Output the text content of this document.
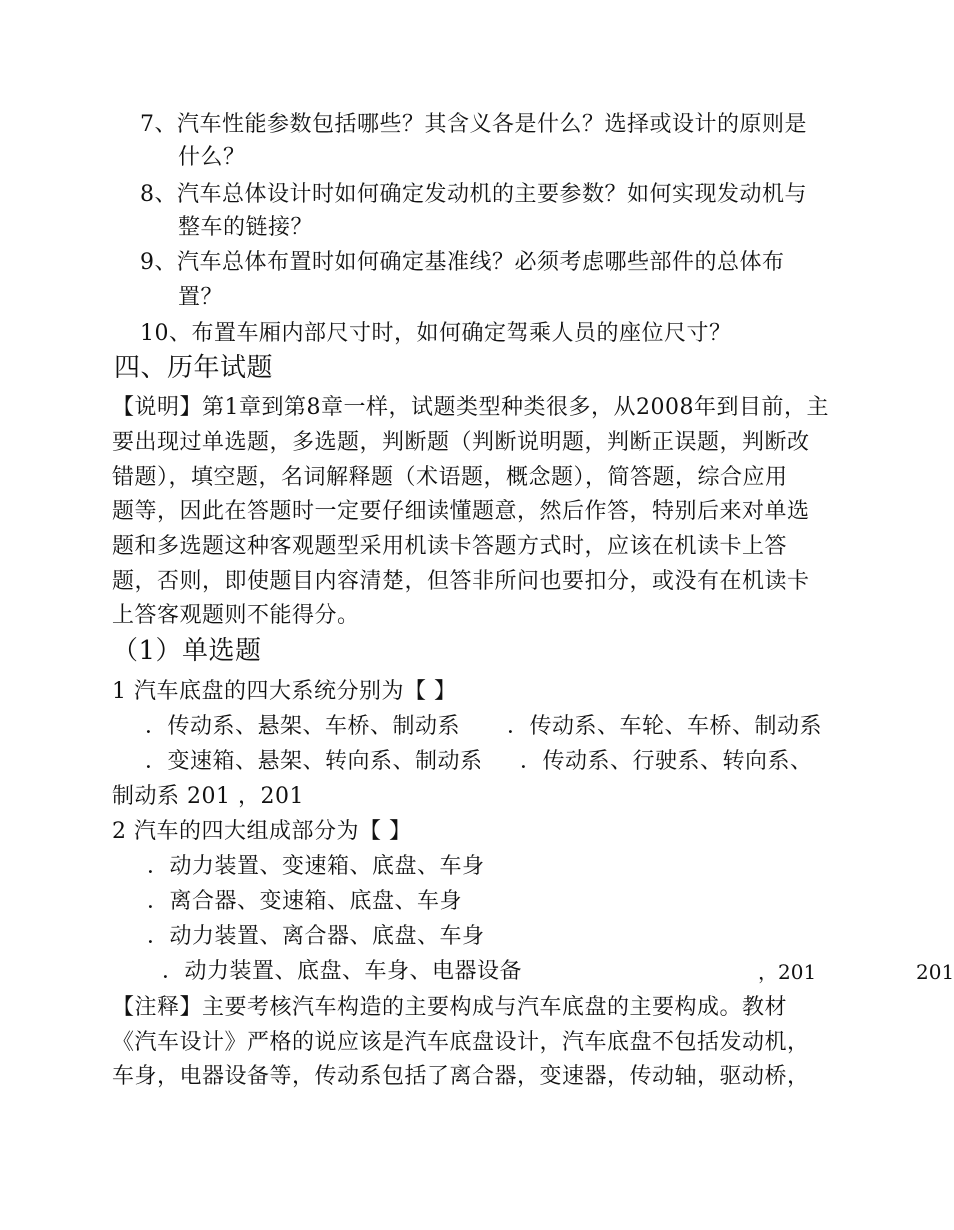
7、汽车性能参数包括哪些？其含义各是什么？选择或设计的原则是
什么？
8、汽车总体设计时如何确定发动机的主要参数？如何实现发动机与
整车的链接？
9、汽车总体布置时如何确定基准线？必须考虑哪些部件的总体布
置？
10、布置车厢内部尺寸时，如何确定驾乘人员的座位尺寸？
四、历年试题
【说明】第1章到第8章一样，试题类型种类很多，从2008年到目前，主
要出现过单选题，多选题，判断题（判断说明题，判断正误题，判断改
错题），填空题，名词解释题（术语题，概念题），简答题，综合应用
题等，因此在答题时一定要仔细读懂题意，然后作答，特别后来对单选
题和多选题这种客观题型采用机读卡答题方式时，应该在机读卡上答
题，否则，即使题目内容清楚，但答非所问也要扣分，或没有在机读卡
上答客观题则不能得分。
（1）单选题
1 汽车底盘的四大系统分别为【 】
．传动系、悬架、车桥、制动系 ．传动系、车轮、车桥、制动系
．变速箱、悬架、转向系、制动系 ．传动系、行驶系、转向系、
制动系 201 ，201
2 汽车的四大组成部分为【 】
．动力装置、变速箱、底盘、车身
．离合器、变速箱、底盘、车身
．动力装置、离合器、底盘、车身
．动力装置、底盘、车身、电器设备	，201	201
【注释】主要考核汽车构造的主要构成与汽车底盘的主要构成。教材
《汽车设计》严格的说应该是汽车底盘设计，汽车底盘不包括发动机，
车身，电器设备等，传动系包括了离合器，变速器，传动轴，驱动桥，
